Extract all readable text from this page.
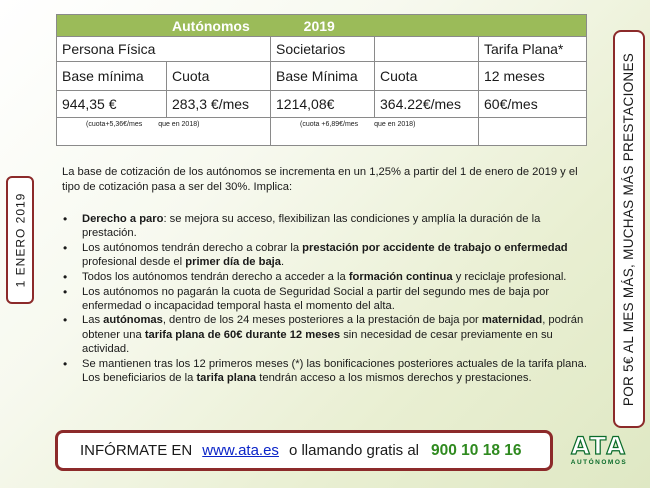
Autónomos 2019				
Persona Física		Societarios		Tarifa Plana*
Base mínima	Cuota	Base Mínima	Cuota	12 meses
944,35 €	283,3 €/mes	1214,08€	364.22€/mes	60€/mes
(cuota+5,36€/mes que en 2018)		(cuota +6,89€/mes que en 2018)		

La base de cotización de los autónomos se incrementa en un 1,25% a partir del 1 de enero de 2019 y el tipo de cotización pasa a ser del 30%. Implica:

• Derecho a paro: se mejora su acceso, flexibilizan las condiciones y amplía la duración de la prestación.
• Los autónomos tendrán derecho a cobrar la prestación por accidente de trabajo o enfermedad profesional desde el primer día de baja.
• Todos los autónomos tendrán derecho a acceder a la formación continua y reciclaje profesional.
• Los autónomos no pagarán la cuota de Seguridad Social a partir del segundo mes de baja por enfermedad o incapacidad temporal hasta el momento del alta.
• Las autónomas, dentro de los 24 meses posteriores a la prestación de baja por maternidad, podrán obtener una tarifa plana de 60€ durante 12 meses sin necesidad de cesar previamente en su actividad.
• Se mantienen tras los 12 primeros meses (*) las bonificaciones posteriores actuales de la tarifa plana. Los beneficiarios de la tarifa plana tendrán acceso a los mismos derechos y prestaciones.
1 ENERO 2019	POR 5€ AL MES MÁS, MUCHAS MÁS PRESTACIONES
INFÓRMATE EN www.ata.es o llamando gratis al 900 10 18 16 ATA
AUTÓNOMOS
